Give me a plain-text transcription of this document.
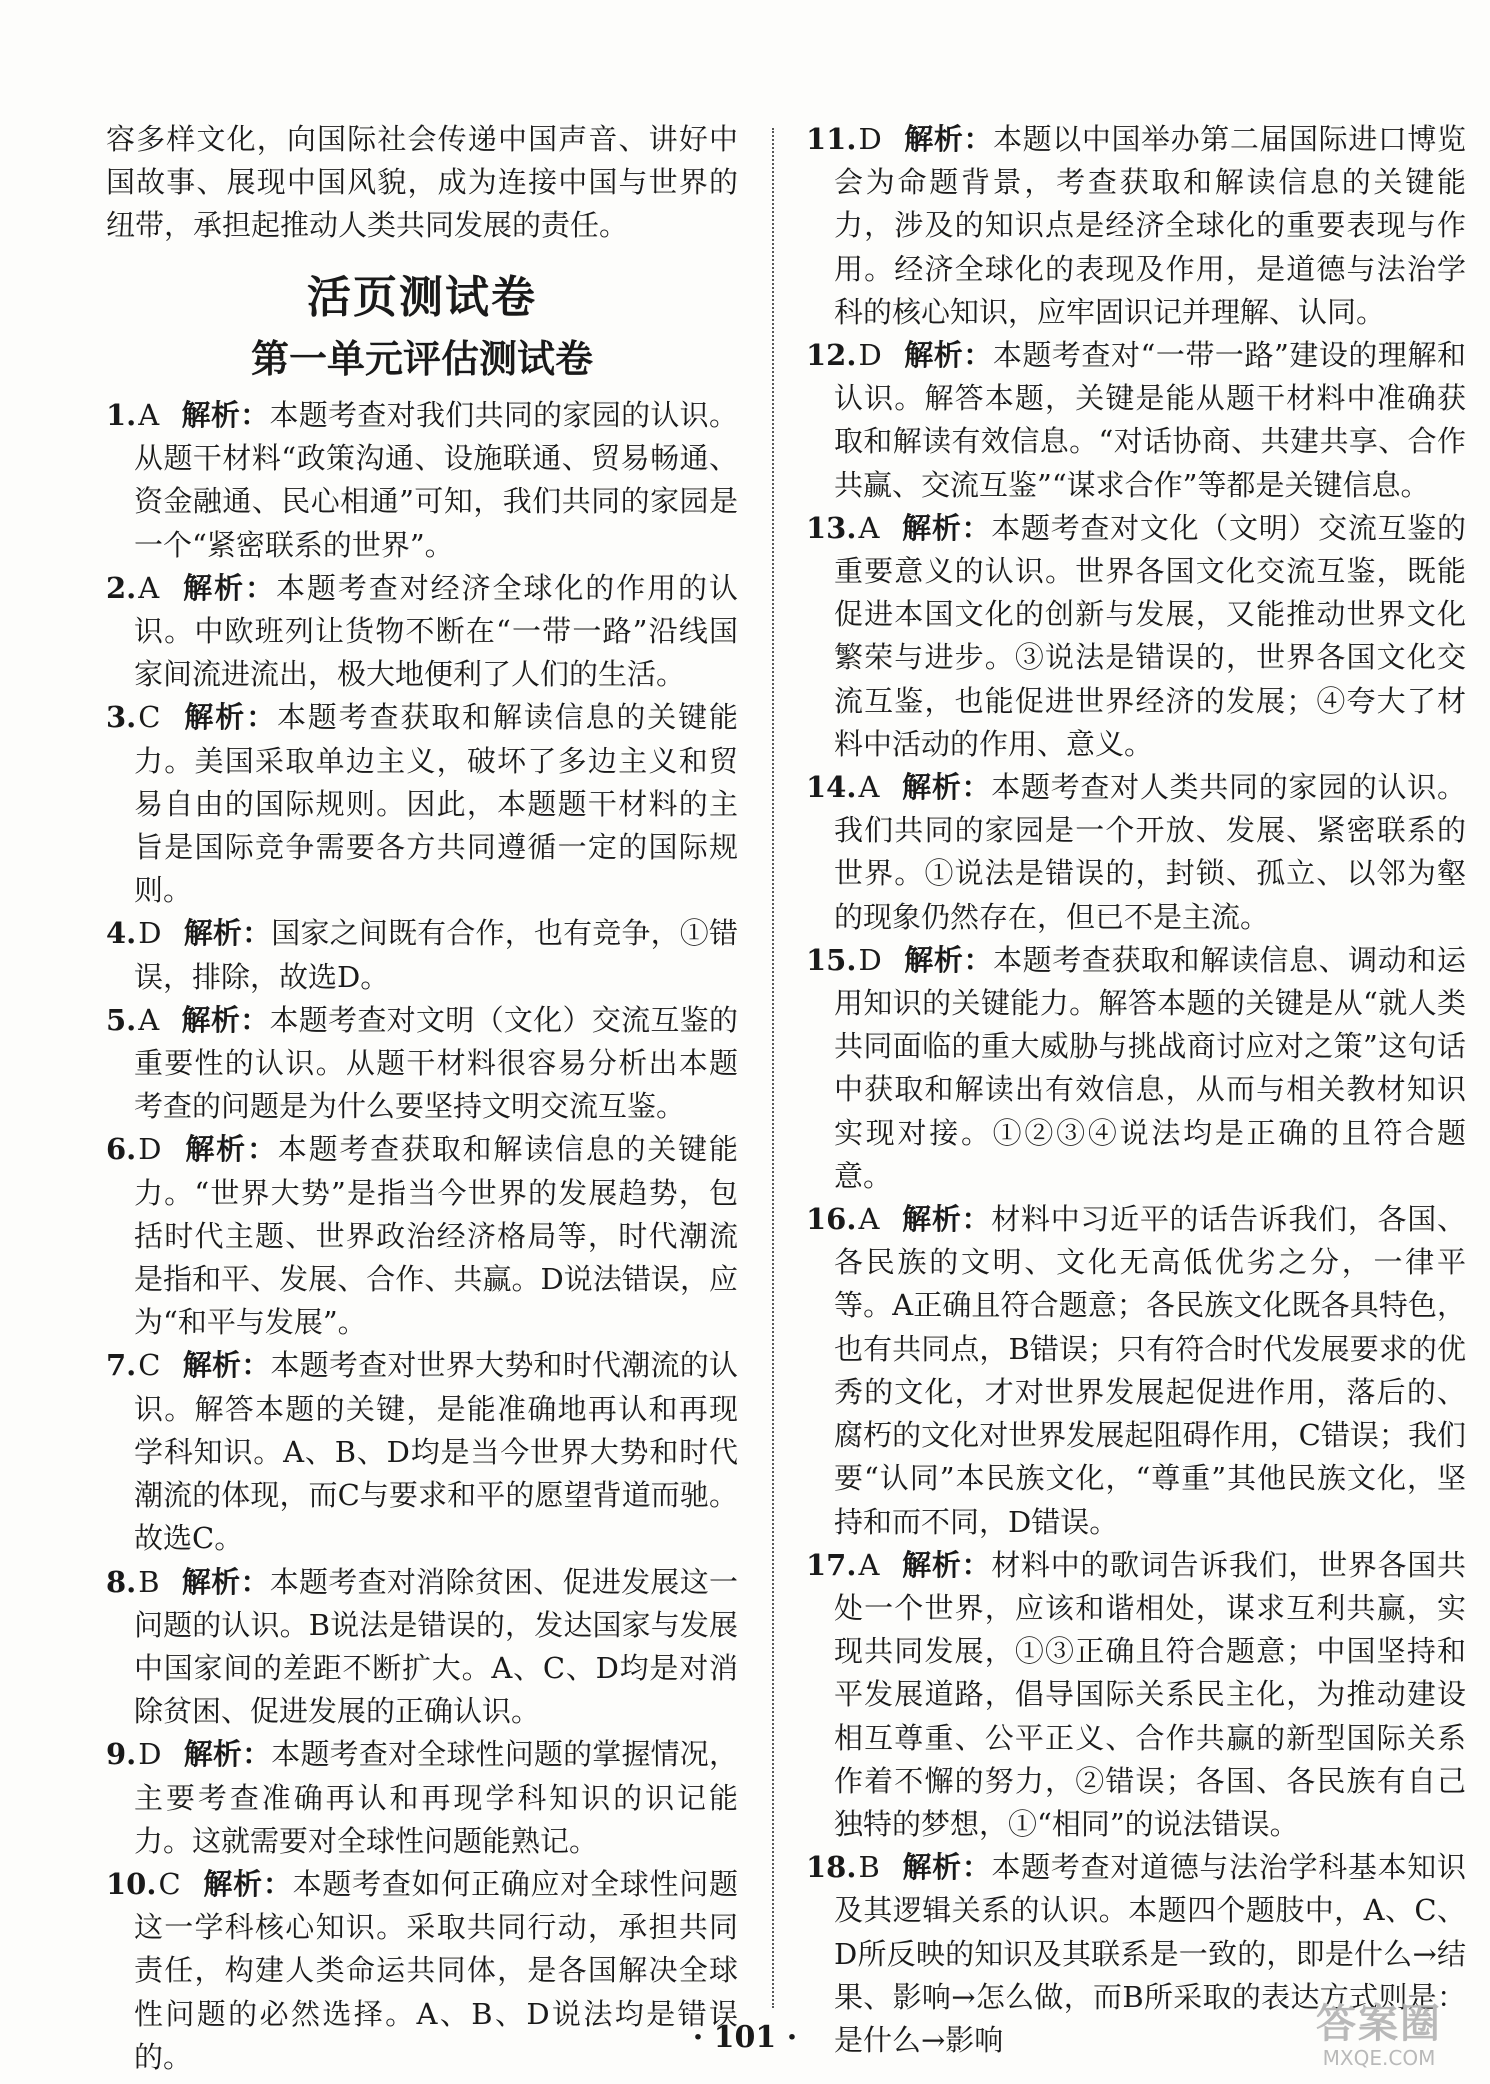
容多样文化，向国际社会传递中国声音、讲好中国故事、展现中国风貌，成为连接中国与世界的纽带，承担起推动人类共同发展的责任。

活页测试卷
第一单元评估测试卷
1.A 解析：本题考查对我们共同的家园的认识。从题干材料“政策沟通、设施联通、贸易畅通、资金融通、民心相通”可知，我们共同的家园是一个“紧密联系的世界”。
2.A 解析：本题考查对经济全球化的作用的认识。中欧班列让货物不断在“一带一路”沿线国家间流进流出，极大地便利了人们的生活。
3.C 解析：本题考查获取和解读信息的关键能力。美国采取单边主义，破坏了多边主义和贸易自由的国际规则。因此，本题题干材料的主旨是国际竞争需要各方共同遵循一定的国际规则。
4.D 解析：国家之间既有合作，也有竞争，①错误，排除，故选D。
5.A 解析：本题考查对文明（文化）交流互鉴的重要性的认识。从题干材料很容易分析出本题考查的问题是为什么要坚持文明交流互鉴。
6.D 解析：本题考查获取和解读信息的关键能力。“世界大势”是指当今世界的发展趋势，包括时代主题、世界政治经济格局等，时代潮流是指和平、发展、合作、共赢。D说法错误，应为“和平与发展”。
7.C 解析：本题考查对世界大势和时代潮流的认识。解答本题的关键，是能准确地再认和再现学科知识。A、B、D均是当今世界大势和时代潮流的体现，而C与要求和平的愿望背道而驰。故选C。
8.B 解析：本题考查对消除贫困、促进发展这一问题的认识。B说法是错误的，发达国家与发展中国家间的差距不断扩大。A、C、D均是对消除贫困、促进发展的正确认识。
9.D 解析：本题考查对全球性问题的掌握情况，主要考查准确再认和再现学科知识的识记能力。这就需要对全球性问题能熟记。
10.C 解析：本题考查如何正确应对全球性问题这一学科核心知识。采取共同行动，承担共同责任，构建人类命运共同体，是各国解决全球性问题的必然选择。A、B、D说法均是错误的。
11.D 解析：本题以中国举办第二届国际进口博览会为命题背景，考查获取和解读信息的关键能力，涉及的知识点是经济全球化的重要表现与作用。经济全球化的表现及作用，是道德与法治学科的核心知识，应牢固识记并理解、认同。
12.D 解析：本题考查对“一带一路”建设的理解和认识。解答本题，关键是能从题干材料中准确获取和解读有效信息。“对话协商、共建共享、合作共赢、交流互鉴”“谋求合作”等都是关键信息。
13.A 解析：本题考查对文化（文明）交流互鉴的重要意义的认识。世界各国文化交流互鉴，既能促进本国文化的创新与发展，又能推动世界文化繁荣与进步。③说法是错误的，世界各国文化交流互鉴，也能促进世界经济的发展；④夸大了材料中活动的作用、意义。
14.A 解析：本题考查对人类共同的家园的认识。我们共同的家园是一个开放、发展、紧密联系的世界。①说法是错误的，封锁、孤立、以邻为壑的现象仍然存在，但已不是主流。
15.D 解析：本题考查获取和解读信息、调动和运用知识的关键能力。解答本题的关键是从“就人类共同面临的重大威胁与挑战商讨应对之策”这句话中获取和解读出有效信息，从而与相关教材知识实现对接。①②③④说法均是正确的且符合题意。
16.A 解析：材料中习近平的话告诉我们，各国、各民族的文明、文化无高低优劣之分，一律平等。A正确且符合题意；各民族文化既各具特色，也有共同点，B错误；只有符合时代发展要求的优秀的文化，才对世界发展起促进作用，落后的、腐朽的文化对世界发展起阻碍作用，C错误；我们要“认同”本民族文化，“尊重”其他民族文化，坚持和而不同，D错误。
17.A 解析：材料中的歌词告诉我们，世界各国共处一个世界，应该和谐相处，谋求互利共赢，实现共同发展，①③正确且符合题意；中国坚持和平发展道路，倡导国际关系民主化，为推动建设相互尊重、公平正义、合作共赢的新型国际关系作着不懈的努力，②错误；各国、各民族有自己独特的梦想，①“相同”的说法错误。
18.B 解析：本题考查对道德与法治学科基本知识及其逻辑关系的认识。本题四个题肢中，A、C、D所反映的知识及其联系是一致的，即是什么→结果、影响→怎么做，而B所采取的表达方式则是：是什么→影响
· 101 ·	答案圈
MXQE.COM
